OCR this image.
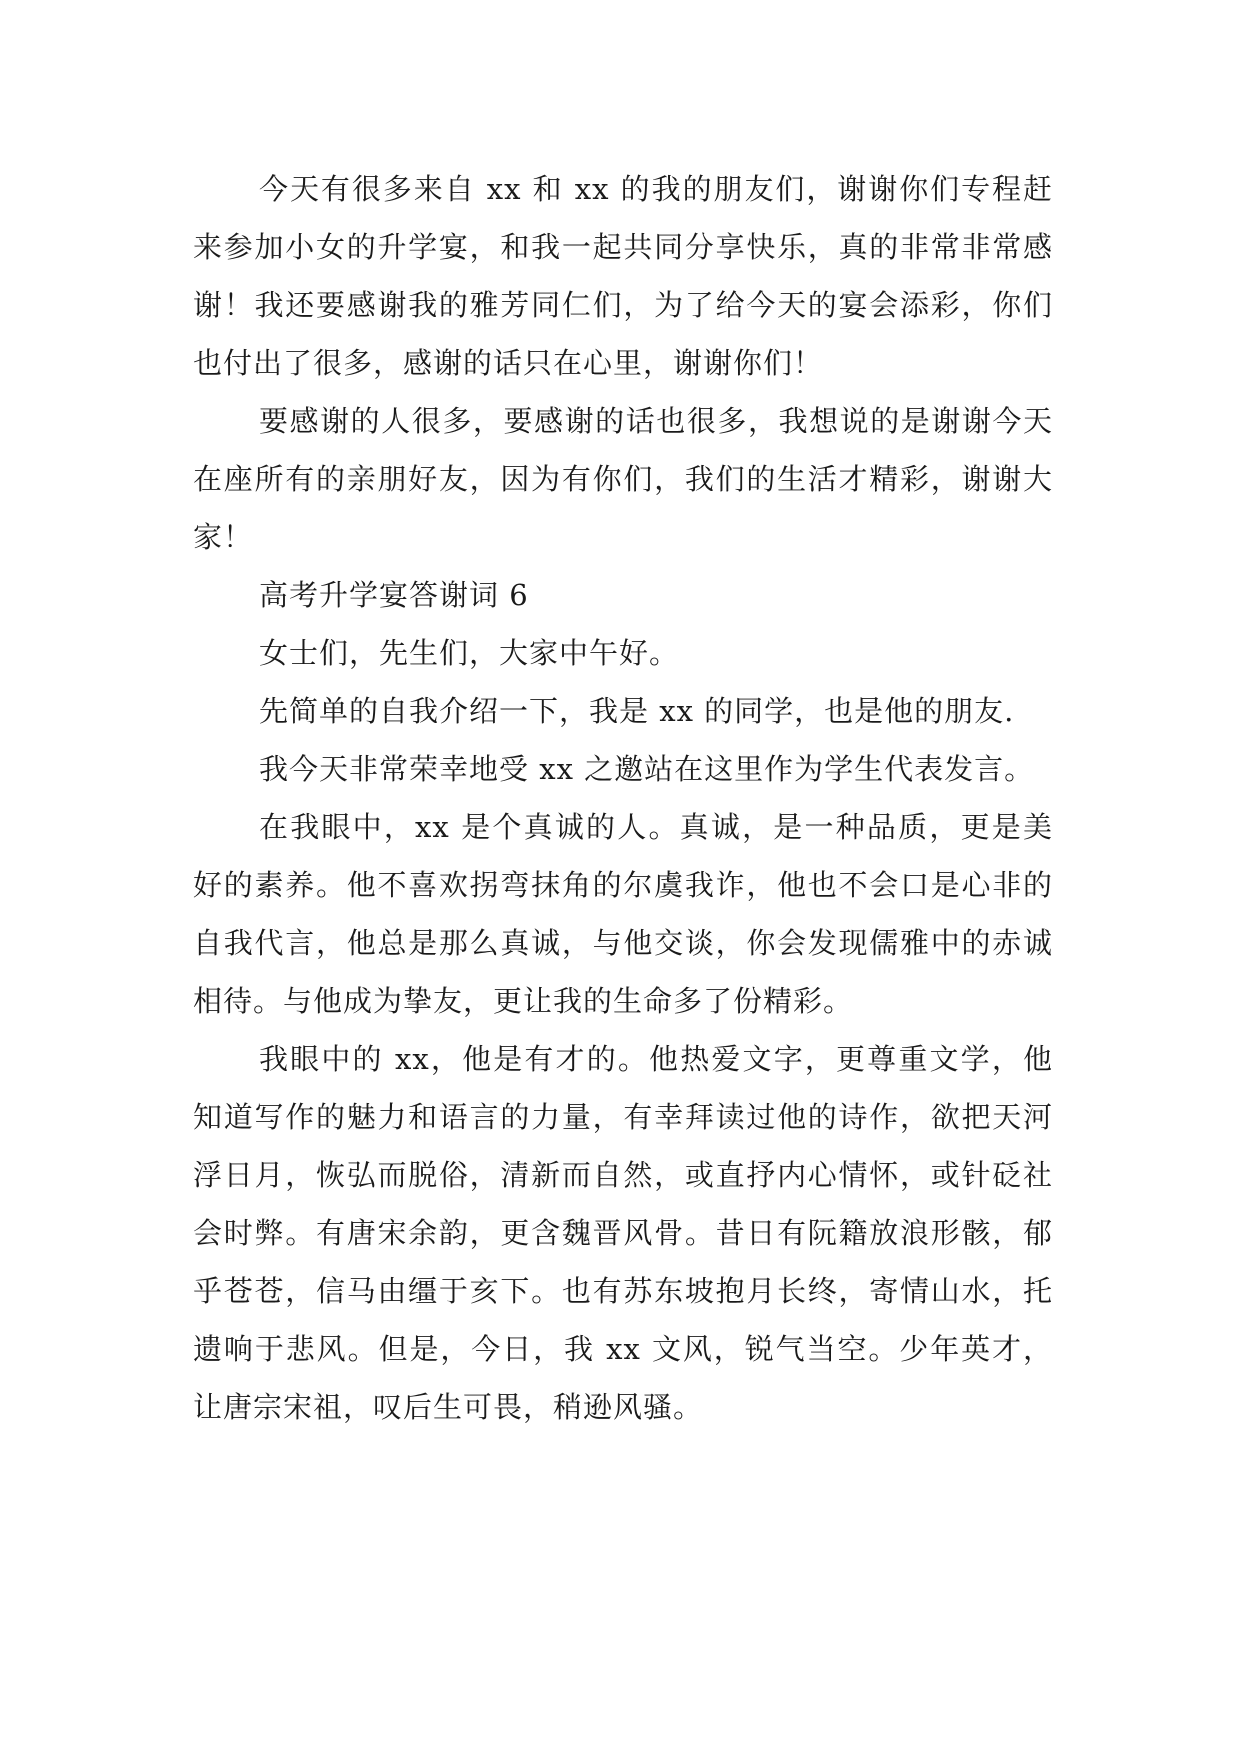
今天有很多来自 xx 和 xx 的我的朋友们，谢谢你们专程赶来参加小女的升学宴，和我一起共同分享快乐，真的非常非常感谢！我还要感谢我的雅芳同仁们，为了给今天的宴会添彩，你们也付出了很多，感谢的话只在心里，谢谢你们！

要感谢的人很多，要感谢的话也很多，我想说的是谢谢今天在座所有的亲朋好友，因为有你们，我们的生活才精彩，谢谢大家！

高考升学宴答谢词 6

女士们，先生们，大家中午好。

先简单的自我介绍一下，我是 xx 的同学，也是他的朋友.

我今天非常荣幸地受 xx 之邀站在这里作为学生代表发言。

在我眼中，xx 是个真诚的人。真诚，是一种品质，更是美好的素养。他不喜欢拐弯抹角的尔虞我诈，他也不会口是心非的自我代言，他总是那么真诚，与他交谈，你会发现儒雅中的赤诚相待。与他成为挚友，更让我的生命多了份精彩。

我眼中的 xx，他是有才的。他热爱文字，更尊重文学，他知道写作的魅力和语言的力量，有幸拜读过他的诗作，欲把天河浮日月，恢弘而脱俗，清新而自然，或直抒内心情怀，或针砭社会时弊。有唐宋余韵，更含魏晋风骨。昔日有阮籍放浪形骸，郁乎苍苍，信马由缰于亥下。也有苏东坡抱月长终，寄情山水，托遗响于悲风。但是，今日，我 xx 文风，锐气当空。少年英才，让唐宗宋祖，叹后生可畏，稍逊风骚。
